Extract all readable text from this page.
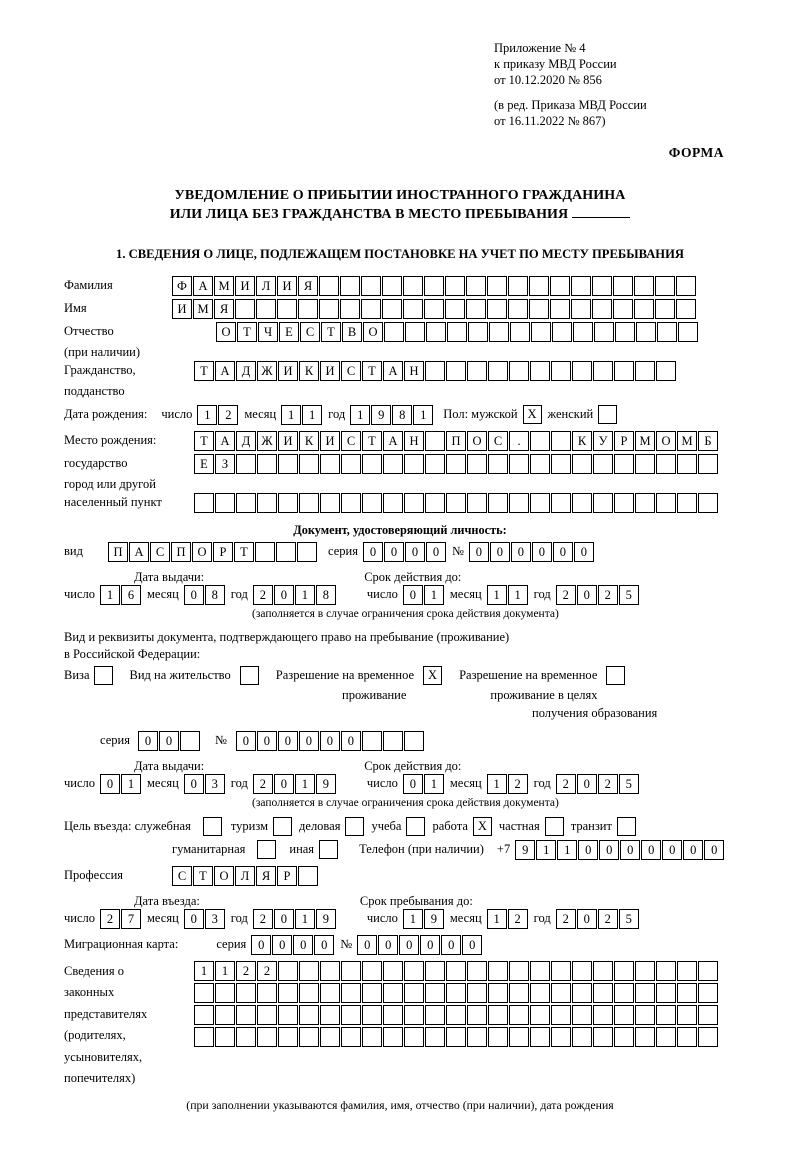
Приложение № 4
к приказу МВД России
от 10.12.2020 № 856
(в ред. Приказа МВД России
от 16.11.2022 № 867)
ФОРМА
УВЕДОМЛЕНИЕ О ПРИБЫТИИ ИНОСТРАННОГО ГРАЖДАНИНА
ИЛИ ЛИЦА БЕЗ ГРАЖДАНСТВА В МЕСТО ПРЕБЫВАНИЯ
1. СВЕДЕНИЯ О ЛИЦЕ, ПОДЛЕЖАЩЕМ ПОСТАНОВКЕ НА УЧЕТ ПО МЕСТУ ПРЕБЫВАНИЯ
Фамилия	Ф А М И Л И Я
Имя	И М Я
Отчество	О	Т	Ч	Е	С	Т	В О
(при наличии)
Гражданство,	Т	А Д Ж И К И С	Т	А Н
подданство
Дата рождения: число 1	2	месяц 1	1	год 1	9	8	1	Пол: мужской X женский
Место рождения:	Т	А Д Ж И К И С	Т	А Н	П О С	.	К У	Р М О М Б
государство	Е	З
город или другой
населенный пункт
Документ, удостоверяющий личность:
вид	П А С П О	Р	Т	серия 0	0	0	0	№ 0	0	0	0	0	0
Дата выдачи:	Срок действия до:
число 1	6	месяц 0	8	год 2	0	1	8	число 0	1	месяц 1	1	год 2	0	2	5
(заполняется в случае ограничения срока действия документа)
Вид и реквизиты документа, подтверждающего право на пребывание (проживание)
в Российской Федерации:
Виза	Вид на жительство	Разрешение на временное	X	Разрешение на временное
проживание	проживание в целях
получения образования
серия	0	0	№	0	0	0	0	0	0
Дата выдачи:	Срок действия до:
число 0	1	месяц 0	3	год 2	0	1	9	число 0	1	месяц 1	2	год 2	0	2	5
(заполняется в случае ограничения срока действия документа)
Цель въезда: служебная	туризм деловая учеба работа X частная транзит
гуманитарная	иная	Телефон (при наличии) +7 9	1	1	0	0	0	0	0	0	0
Профессия	С	Т	О Л	Я	Р
Дата въезда:	Срок пребывания до:
число 2	7	месяц 0	3	год 2	0	1	9	число 1	9	месяц 1	2	год 2	0	2	5
Миграционная карта:	серия 0	0	0	0	№ 0	0	0	0	0	0
Сведения о
законных
представителях
(родителях,
усыновителях,
попечителях)
1	1	2	2
(при заполнении указываются фамилия, имя, отчество (при наличии), дата рождения
